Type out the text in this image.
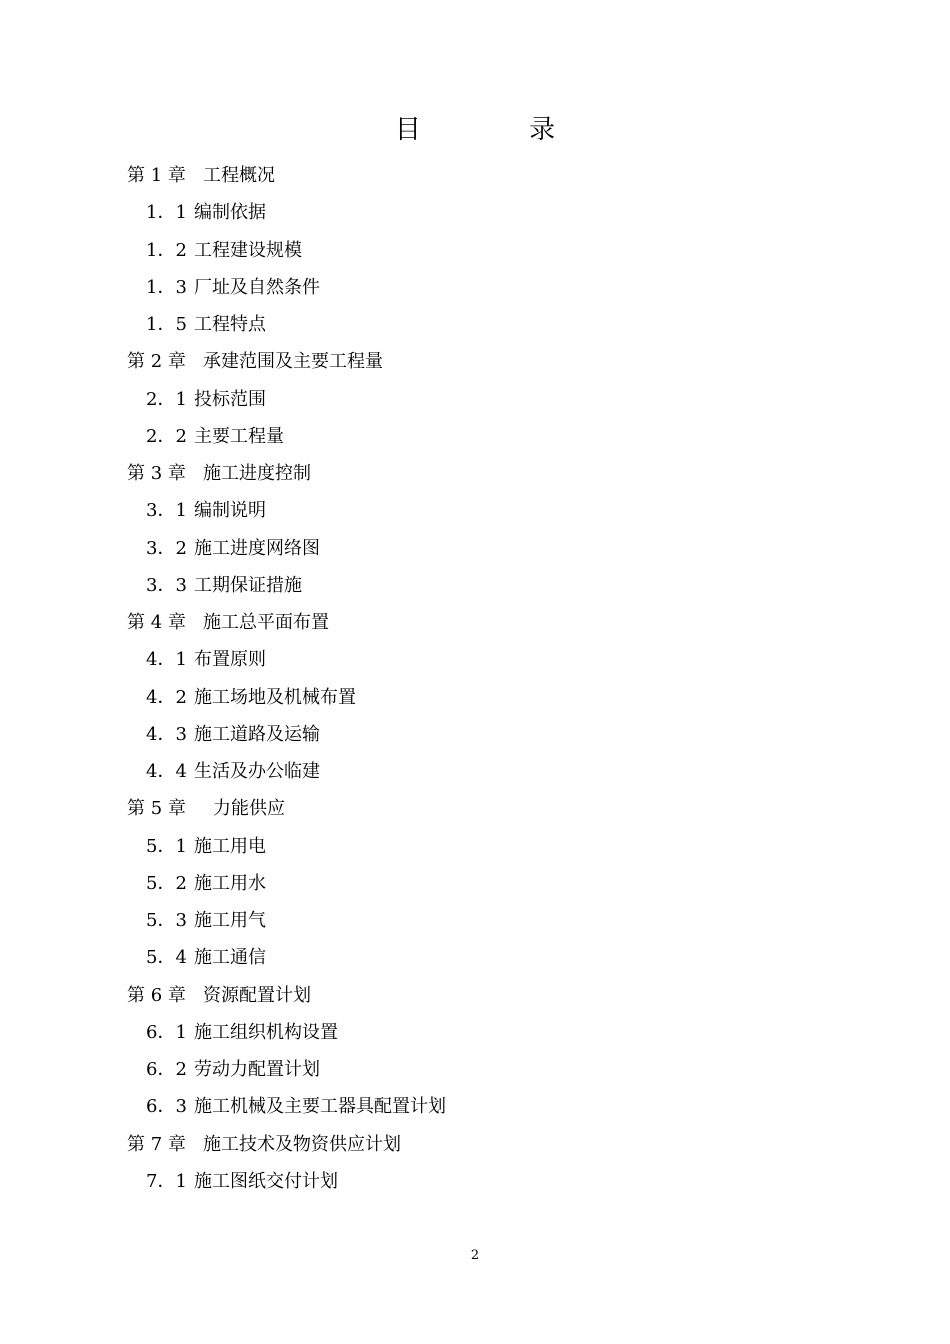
目 录
第 1 章 工程概况
1．1 编制依据
1．2 工程建设规模
1．3 厂址及自然条件
1．5 工程特点
第 2 章 承建范围及主要工程量
2．1 投标范围
2．2 主要工程量
第 3 章 施工进度控制
3．1 编制说明
3．2 施工进度网络图
3．3 工期保证措施
第 4 章 施工总平面布置
4．1 布置原则
4．2 施工场地及机械布置
4．3 施工道路及运输
4．4 生活及办公临建
第 5 章 力能供应
5．1 施工用电
5．2 施工用水
5．3 施工用气
5．4 施工通信
第 6 章 资源配置计划
6．1 施工组织机构设置
6．2 劳动力配置计划
6．3 施工机械及主要工器具配置计划
第 7 章 施工技术及物资供应计划
7．1 施工图纸交付计划
2
